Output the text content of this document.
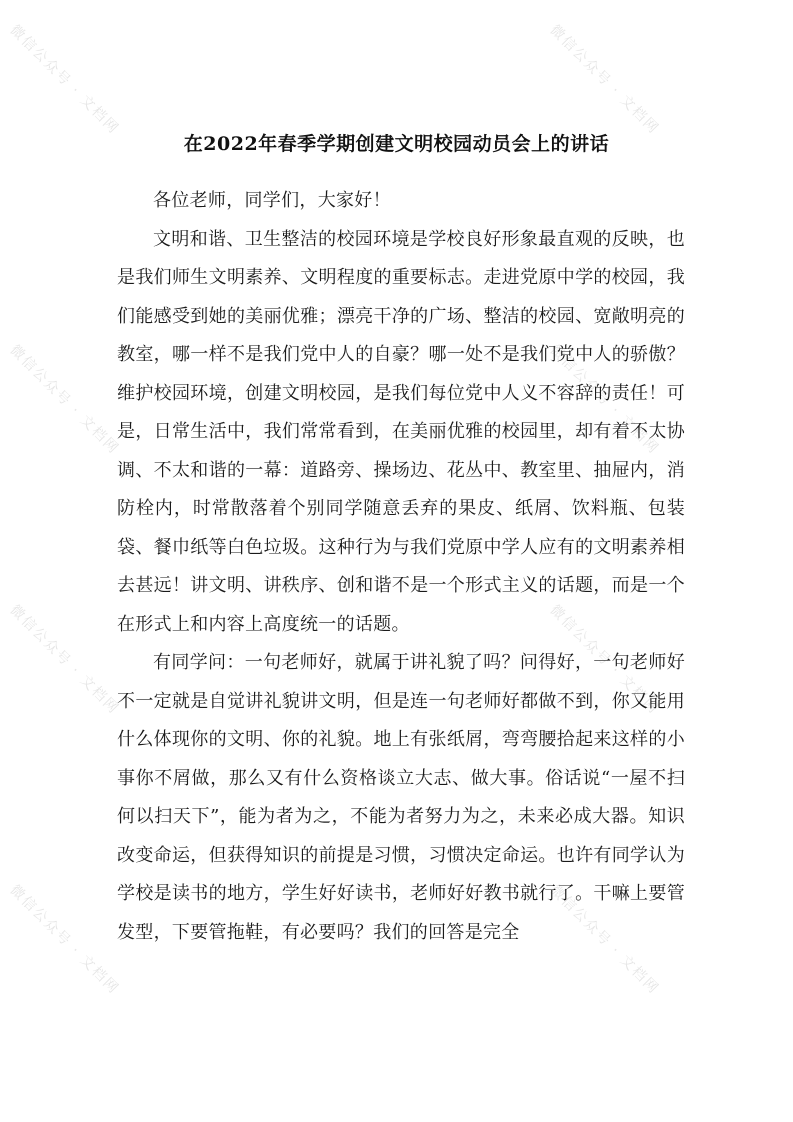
微信公众号 · 文档网	微信公众号 · 文档网
微信公众号 · 文档网	微信公众号 · 文档网
微信公众号 · 文档网	微信公众号 · 文档网
微信公众号 · 文档网	微信公众号 · 文档网
在2022年春季学期创建文明校园动员会上的讲话

各位老师，同学们，大家好！

文明和谐、卫生整洁的校园环境是学校良好形象最直观的反映，也是我们师生文明素养、文明程度的重要标志。走进党原中学的校园，我们能感受到她的美丽优雅；漂亮干净的广场、整洁的校园、宽敞明亮的教室，哪一样不是我们党中人的自豪？哪一处不是我们党中人的骄傲？维护校园环境，创建文明校园，是我们每位党中人义不容辞的责任！可是，日常生活中，我们常常看到，在美丽优雅的校园里，却有着不太协调、不太和谐的一幕：道路旁、操场边、花丛中、教室里、抽屉内，消防栓内，时常散落着个别同学随意丢弃的果皮、纸屑、饮料瓶、包装袋、餐巾纸等白色垃圾。这种行为与我们党原中学人应有的文明素养相去甚远！讲文明、讲秩序、创和谐不是一个形式主义的话题，而是一个在形式上和内容上高度统一的话题。

有同学问：一句老师好，就属于讲礼貌了吗？问得好，一句老师好不一定就是自觉讲礼貌讲文明，但是连一句老师好都做不到，你又能用什么体现你的文明、你的礼貌。地上有张纸屑，弯弯腰拾起来这样的小事你不屑做，那么又有什么资格谈立大志、做大事。俗话说“一屋不扫何以扫天下”，能为者为之，不能为者努力为之，未来必成大器。知识改变命运，但获得知识的前提是习惯，习惯决定命运。也许有同学认为学校是读书的地方，学生好好读书，老师好好教书就行了。干嘛上要管发型，下要管拖鞋，有必要吗？我们的回答是完全
